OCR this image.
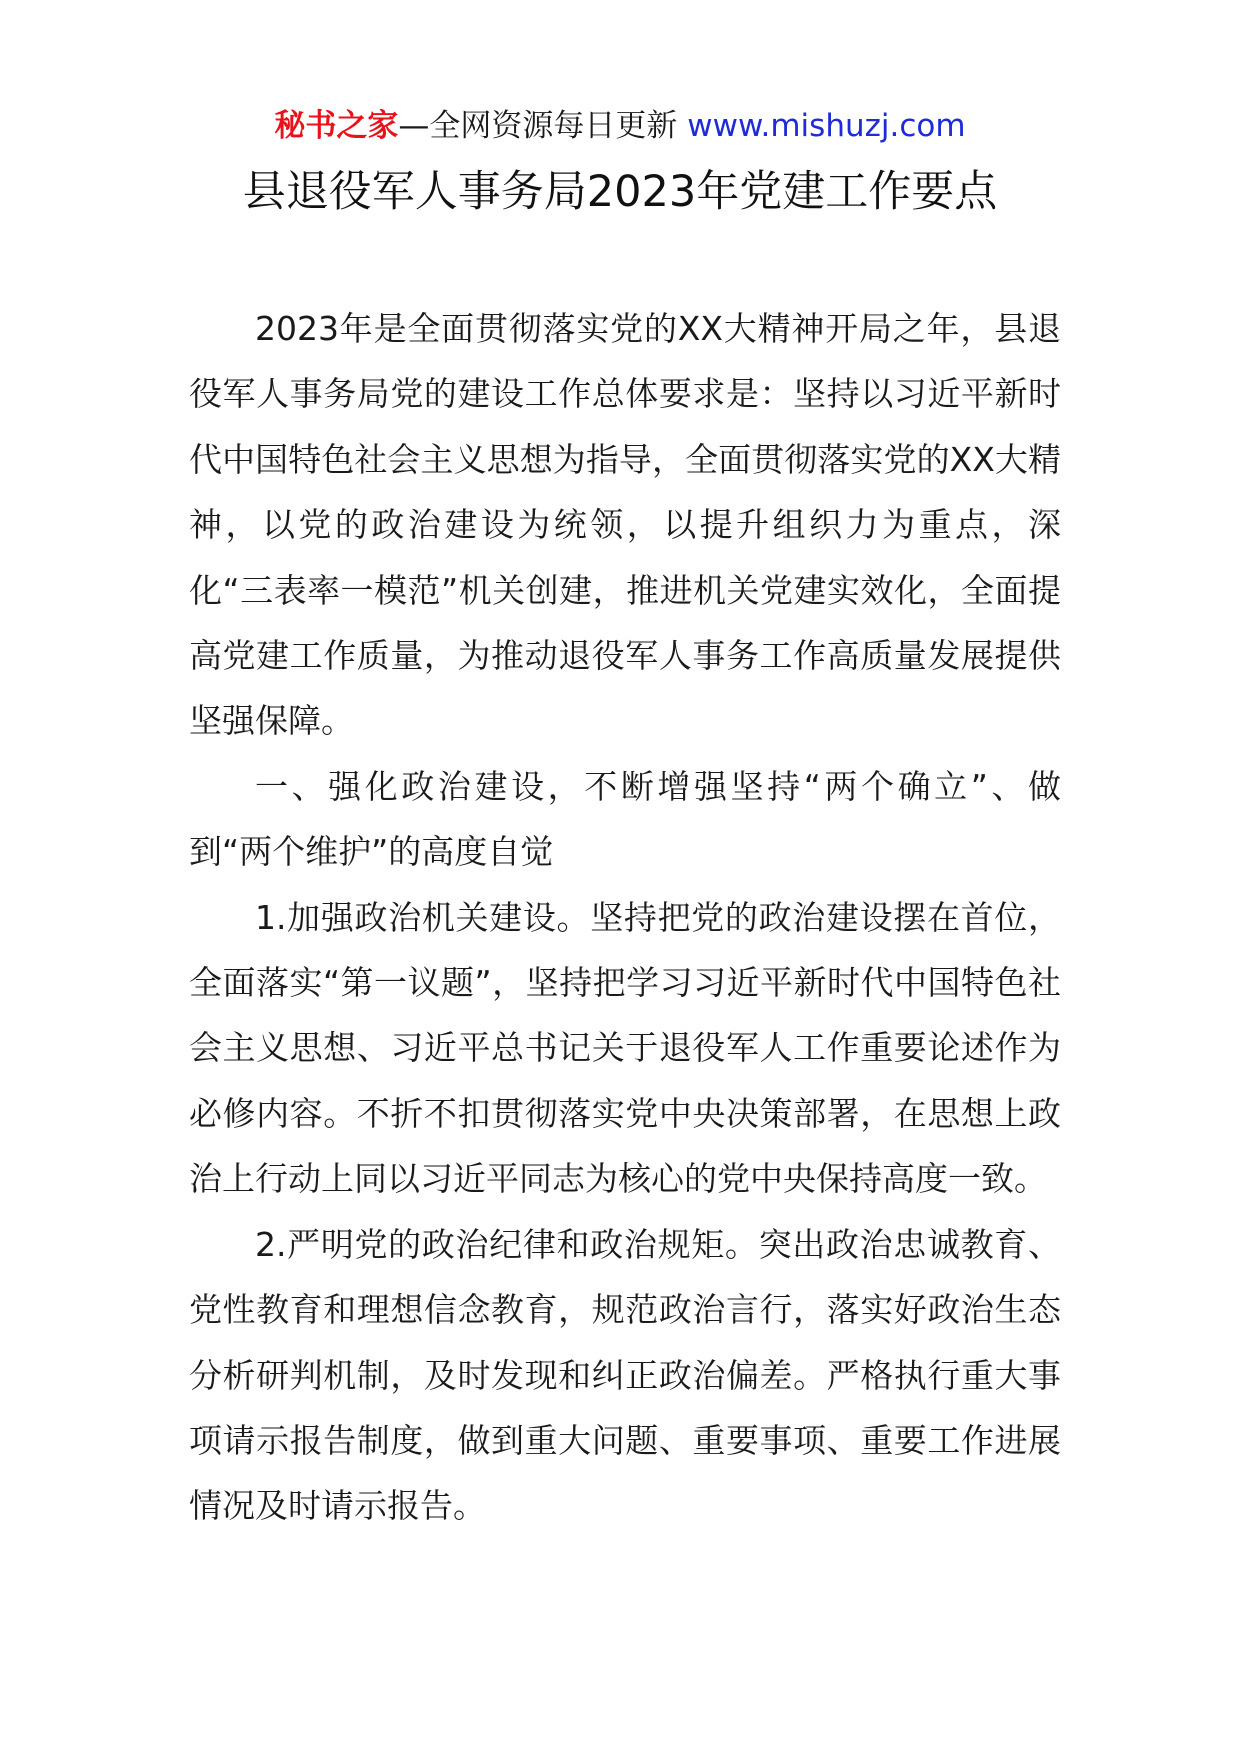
秘书之家—全网资源每日更新 www.mishuzj.com
县退役军人事务局2023年党建工作要点

2023年是全面贯彻落实党的XX大精神开局之年，县退役军人事务局党的建设工作总体要求是：坚持以习近平新时代中国特色社会主义思想为指导，全面贯彻落实党的XX大精神，以党的政治建设为统领，以提升组织力为重点，深化“三表率一模范”机关创建，推进机关党建实效化，全面提高党建工作质量，为推动退役军人事务工作高质量发展提供坚强保障。

一、强化政治建设，不断增强坚持“两个确立”、做到“两个维护”的高度自觉

1.加强政治机关建设。坚持把党的政治建设摆在首位，全面落实“第一议题”，坚持把学习习近平新时代中国特色社会主义思想、习近平总书记关于退役军人工作重要论述作为必修内容。不折不扣贯彻落实党中央决策部署，在思想上政治上行动上同以习近平同志为核心的党中央保持高度一致。

2.严明党的政治纪律和政治规矩。突出政治忠诚教育、党性教育和理想信念教育，规范政治言行，落实好政治生态分析研判机制，及时发现和纠正政治偏差。严格执行重大事项请示报告制度，做到重大问题、重要事项、重要工作进展情况及时请示报告。
